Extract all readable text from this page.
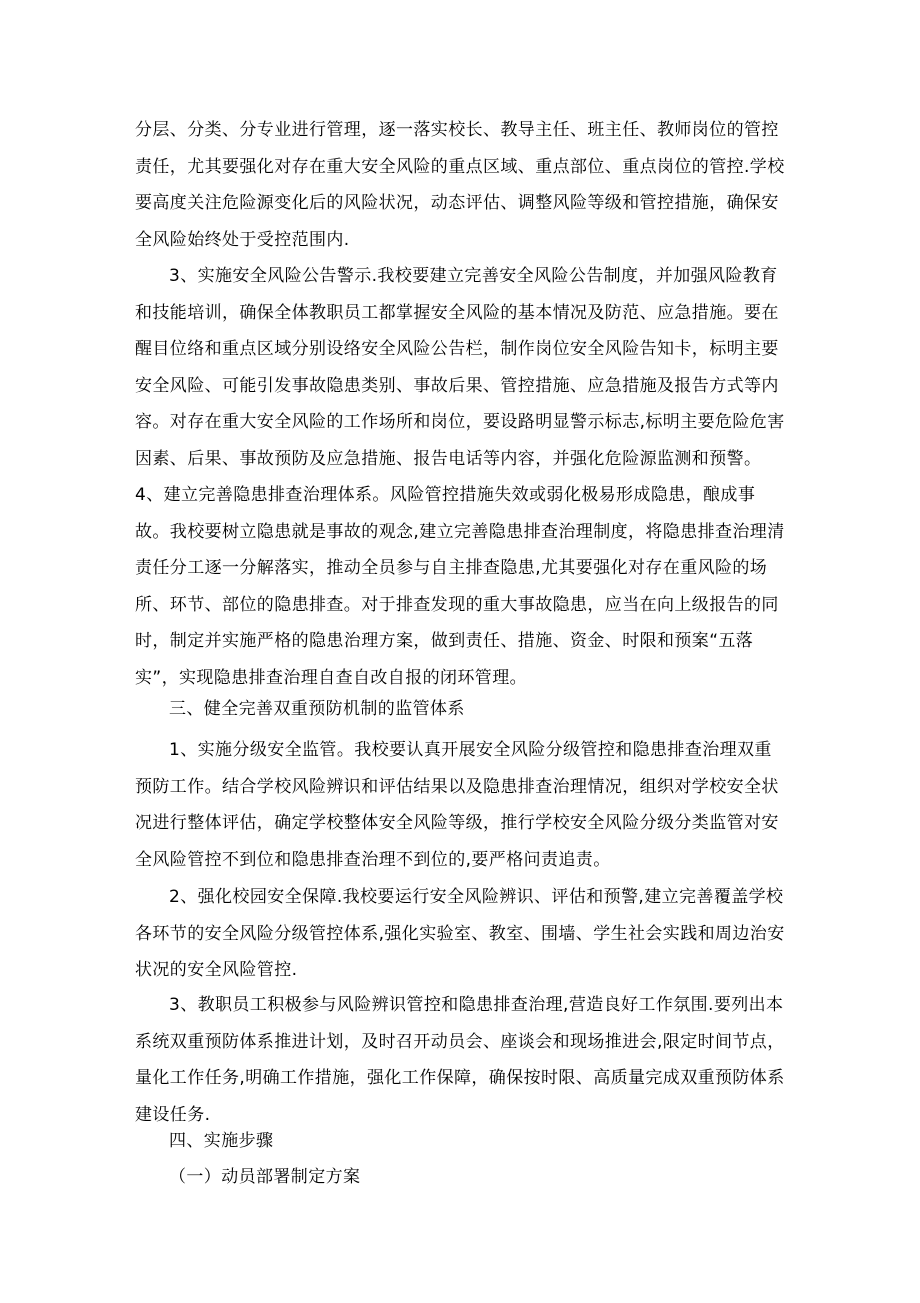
分层、分类、分专业进行管理，逐一落实校长、教导主任、班主任、教师岗位的管控责任，尤其要强化对存在重大安全风险的重点区域、重点部位、重点岗位的管控.学校要高度关注危险源变化后的风险状况，动态评估、调整风险等级和管控措施，确保安全风险始终处于受控范围内.
3、实施安全风险公告警示.我校要建立完善安全风险公告制度，并加强风险教育和技能培训，确保全体教职员工都掌握安全风险的基本情况及防范、应急措施。要在醒目位络和重点区域分别设络安全风险公告栏，制作岗位安全风险告知卡，标明主要安全风险、可能引发事故隐患类别、事故后果、管控措施、应急措施及报告方式等内容。对存在重大安全风险的工作场所和岗位，要设路明显警示标志,标明主要危险危害因素、后果、事故预防及应急措施、报告电话等内容，并强化危险源监测和预警。
4、建立完善隐患排查治理体系。风险管控措施失效或弱化极易形成隐患，酿成事故。我校要树立隐患就是事故的观念,建立完善隐患排查治理制度，将隐患排查治理清责任分工逐一分解落实，推动全员参与自主排查隐患,尤其要强化对存在重风险的场所、环节、部位的隐患排查。对于排查发现的重大事故隐患，应当在向上级报告的同时，制定并实施严格的隐患治理方案，做到责任、措施、资金、时限和预案“五落实”，实现隐患排查治理自查自改自报的闭环管理。
三、健全完善双重预防机制的监管体系
1、实施分级安全监管。我校要认真开展安全风险分级管控和隐患排查治理双重预防工作。结合学校风险辨识和评估结果以及隐患排查治理情况，组织对学校安全状况进行整体评估，确定学校整体安全风险等级，推行学校安全风险分级分类监管对安全风险管控不到位和隐患排查治理不到位的,要严格问责追责。
2、强化校园安全保障.我校要运行安全风险辨识、评估和预警,建立完善覆盖学校各环节的安全风险分级管控体系,强化实验室、教室、围墙、学生社会实践和周边治安状况的安全风险管控.
3、教职员工积极参与风险辨识管控和隐患排查治理,营造良好工作氛围.要列出本系统双重预防体系推进计划，及时召开动员会、座谈会和现场推进会,限定时间节点，量化工作任务,明确工作措施，强化工作保障，确保按时限、高质量完成双重预防体系建设任务.
四、实施步骤
（一）动员部署制定方案
